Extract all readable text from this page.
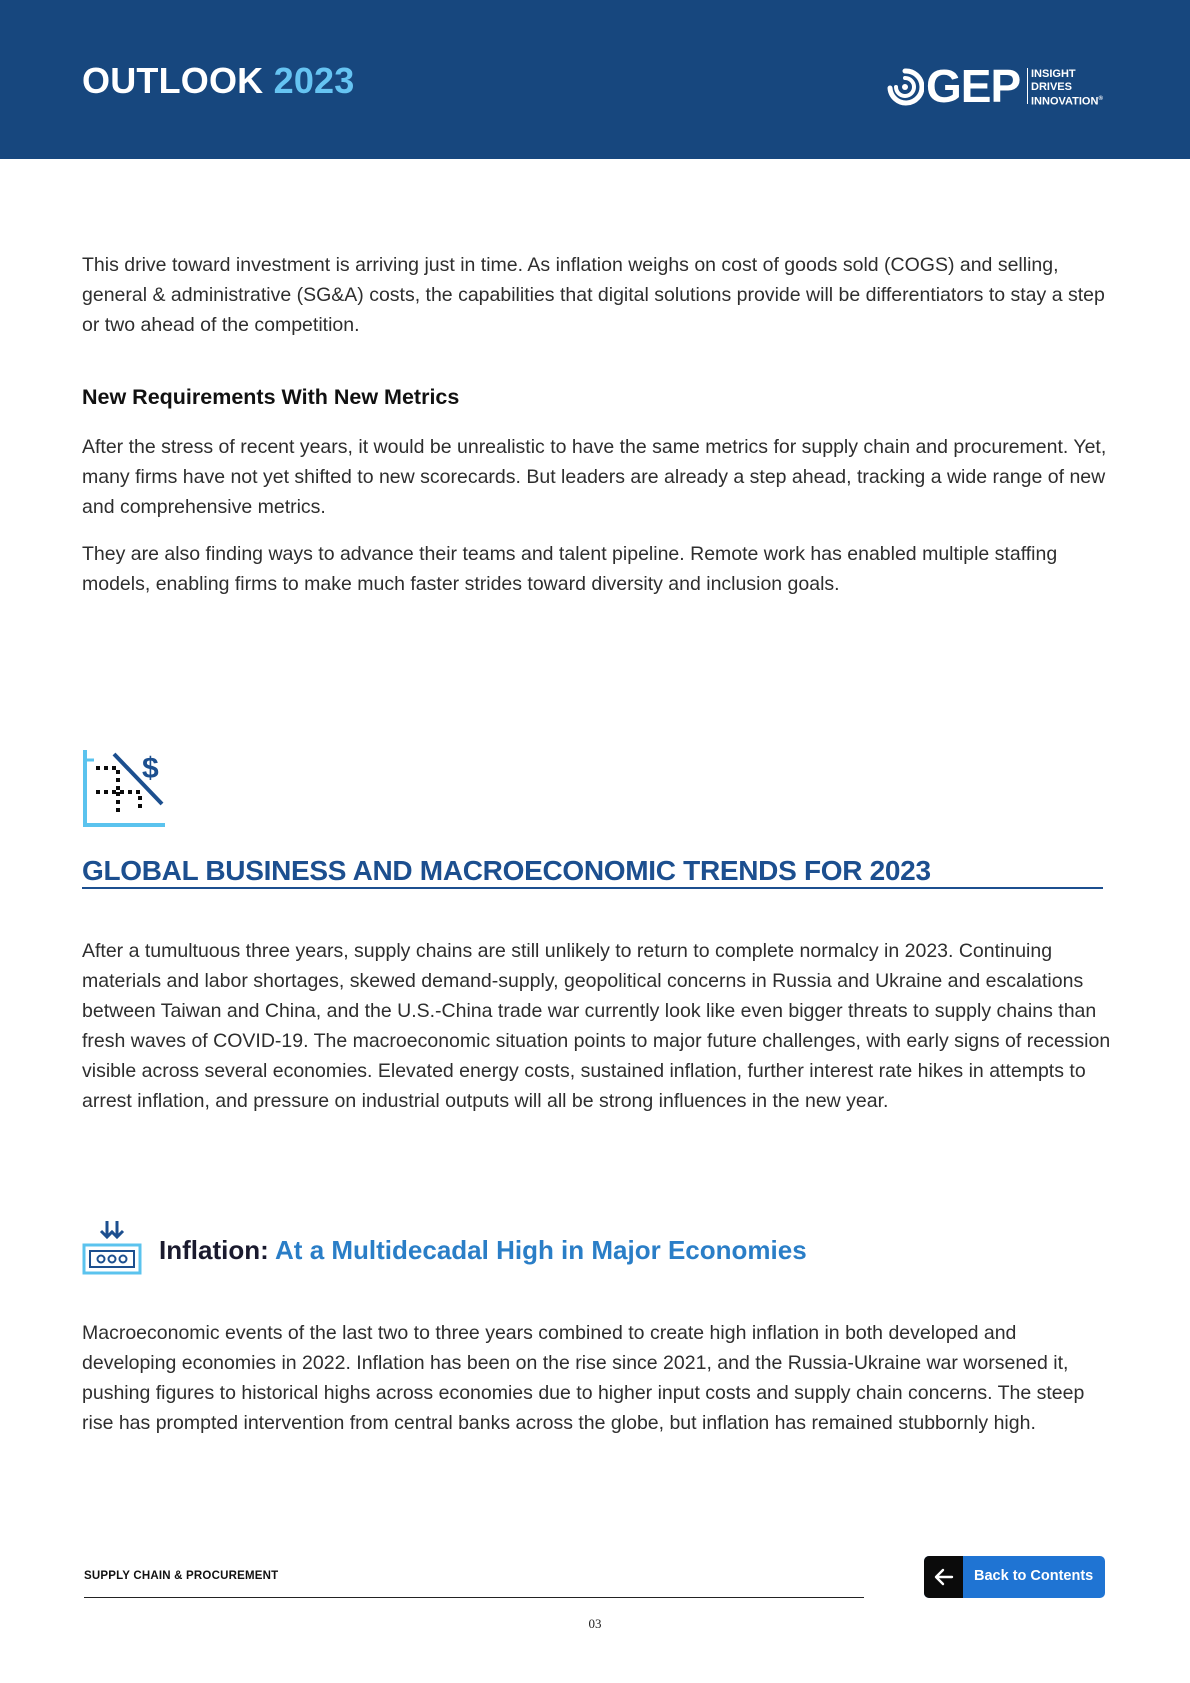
OUTLOOK 2023	GEP INSIGHT
DRIVES
INNOVATION®

This drive toward investment is arriving just in time. As inflation weighs on cost of goods sold (COGS) and selling, general & administrative (SG&A) costs, the capabilities that digital solutions provide will be differentiators to stay a step or two ahead of the competition.

New Requirements With New Metrics

After the stress of recent years, it would be unrealistic to have the same metrics for supply chain and procurement. Yet, many firms have not yet shifted to new scorecards. But leaders are already a step ahead, tracking a wide range of new and comprehensive metrics.

They are also finding ways to advance their teams and talent pipeline. Remote work has enabled multiple staffing models, enabling firms to make much faster strides toward diversity and inclusion goals.

$
GLOBAL BUSINESS AND MACROECONOMIC TRENDS FOR 2023

After a tumultuous three years, supply chains are still unlikely to return to complete normalcy in 2023. Continuing materials and labor shortages, skewed demand-supply, geopolitical concerns in Russia and Ukraine and escalations between Taiwan and China, and the U.S.-China trade war currently look like even bigger threats to supply chains than fresh waves of COVID-19. The macroeconomic situation points to major future challenges, with early signs of recession visible across several economies. Elevated energy costs, sustained inflation, further interest rate hikes in attempts to arrest inflation, and pressure on industrial outputs will all be strong influences in the new year.

Inflation: At a Multidecadal High in Major Economies

Macroeconomic events of the last two to three years combined to create high inflation in both developed and developing economies in 2022. Inflation has been on the rise since 2021, and the Russia-Ukraine war worsened it, pushing figures to historical highs across economies due to higher input costs and supply chain concerns. The steep rise has prompted intervention from central banks across the globe, but inflation has remained stubbornly high.

SUPPLY CHAIN & PROCUREMENT	Back to Contents
03
